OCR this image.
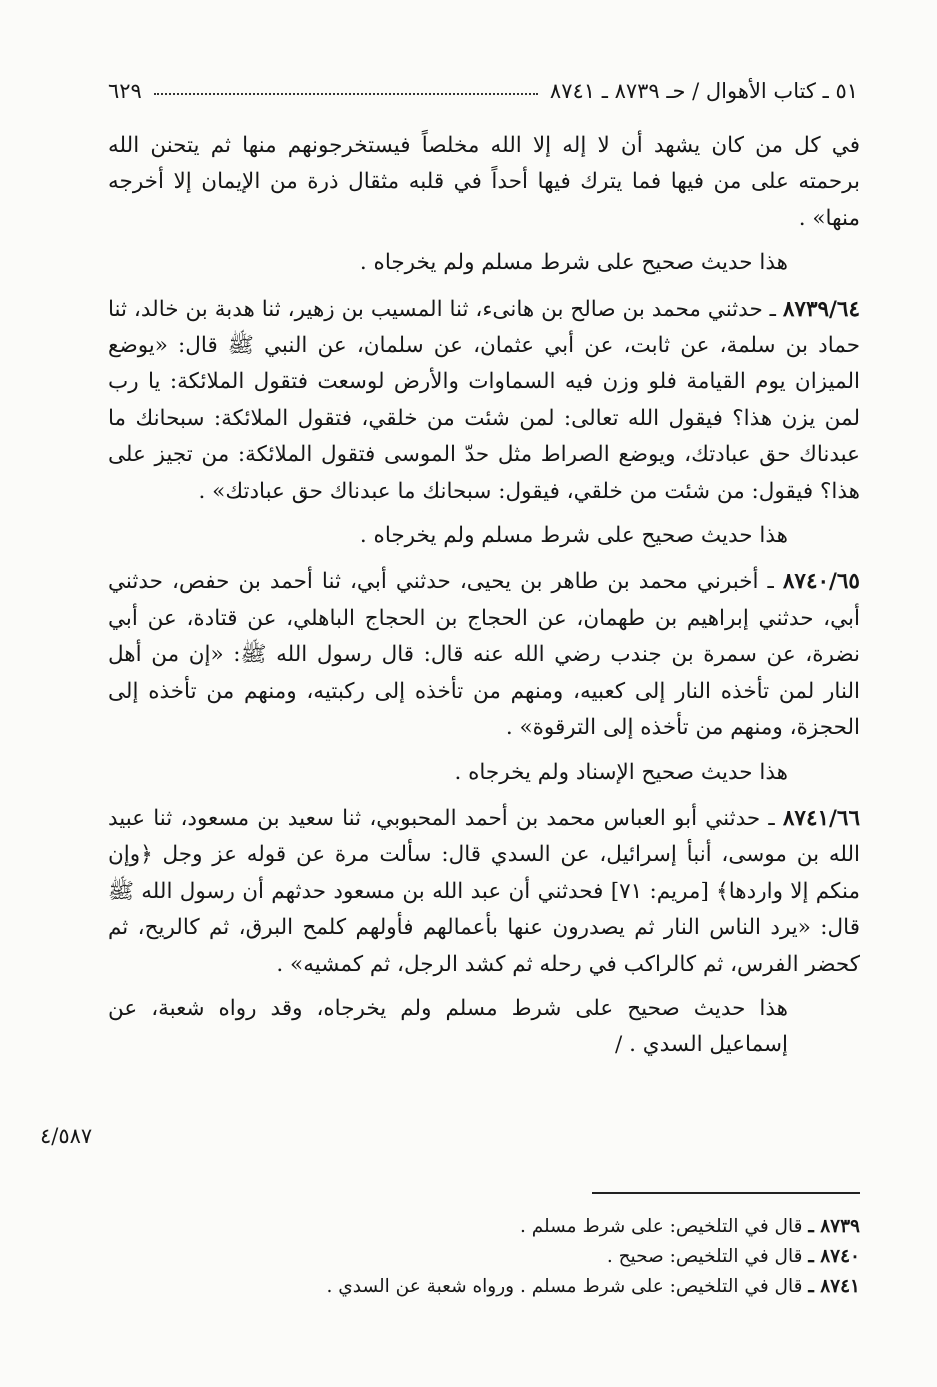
٥١ ـ كتاب الأهوال / حـ ٨٧٣٩ ـ ٨٧٤١
٦٢٩

في كل من كان يشهد أن لا إله إلا الله مخلصاً فيستخرجونهم منها ثم يتحنن الله برحمته على من فيها فما يترك فيها أحداً في قلبه مثقال ذرة من الإيمان إلا أخرجه منها» .

هذا حديث صحيح على شرط مسلم ولم يخرجاه .

٨٧٣٩/٦٤ ـ حدثني محمد بن صالح بن هانىء، ثنا المسيب بن زهير، ثنا هدبة بن خالد، ثنا حماد بن سلمة، عن ثابت، عن أبي عثمان، عن سلمان، عن النبي ﷺ قال: «يوضع الميزان يوم القيامة فلو وزن فيه السماوات والأرض لوسعت فتقول الملائكة: يا رب لمن يزن هذا؟ فيقول الله تعالى: لمن شئت من خلقي، فتقول الملائكة: سبحانك ما عبدناك حق عبادتك، ويوضع الصراط مثل حدّ الموسى فتقول الملائكة: من تجيز على هذا؟ فيقول: من شئت من خلقي، فيقول: سبحانك ما عبدناك حق عبادتك» .

هذا حديث صحيح على شرط مسلم ولم يخرجاه .

٨٧٤٠/٦٥ ـ أخبرني محمد بن طاهر بن يحيى، حدثني أبي، ثنا أحمد بن حفص، حدثني أبي، حدثني إبراهيم بن طهمان، عن الحجاج بن الحجاج الباهلي، عن قتادة، عن أبي نضرة، عن سمرة بن جندب رضي الله عنه قال: قال رسول الله ﷺ: «إن من أهل النار لمن تأخذه النار إلى كعبيه، ومنهم من تأخذه إلى ركبتيه، ومنهم من تأخذه إلى الحجزة، ومنهم من تأخذه إلى الترقوة» .

هذا حديث صحيح الإسناد ولم يخرجاه .

٨٧٤١/٦٦ ـ حدثني أبو العباس محمد بن أحمد المحبوبي، ثنا سعيد بن مسعود، ثنا عبيد الله بن موسى، أنبأ إسرائيل، عن السدي قال: سألت مرة عن قوله عز وجل ﴿وإن منكم إلا واردها﴾ [مريم: ٧١] فحدثني أن عبد الله بن مسعود حدثهم أن رسول الله ﷺ قال: «يرد الناس النار ثم يصدرون عنها بأعمالهم فأولهم كلمح البرق، ثم كالريح، ثم كحضر الفرس، ثم كالراكب في رحله ثم كشد الرجل، ثم كمشيه» .

هذا حديث صحيح على شرط مسلم ولم يخرجاه، وقد رواه شعبة، عن إسماعيل السدي . /

٤/٥٨٧

٨٧٣٩ ـ قال في التلخيص: على شرط مسلم .

٨٧٤٠ ـ قال في التلخيص: صحيح .

٨٧٤١ ـ قال في التلخيص: على شرط مسلم . ورواه شعبة عن السدي .
